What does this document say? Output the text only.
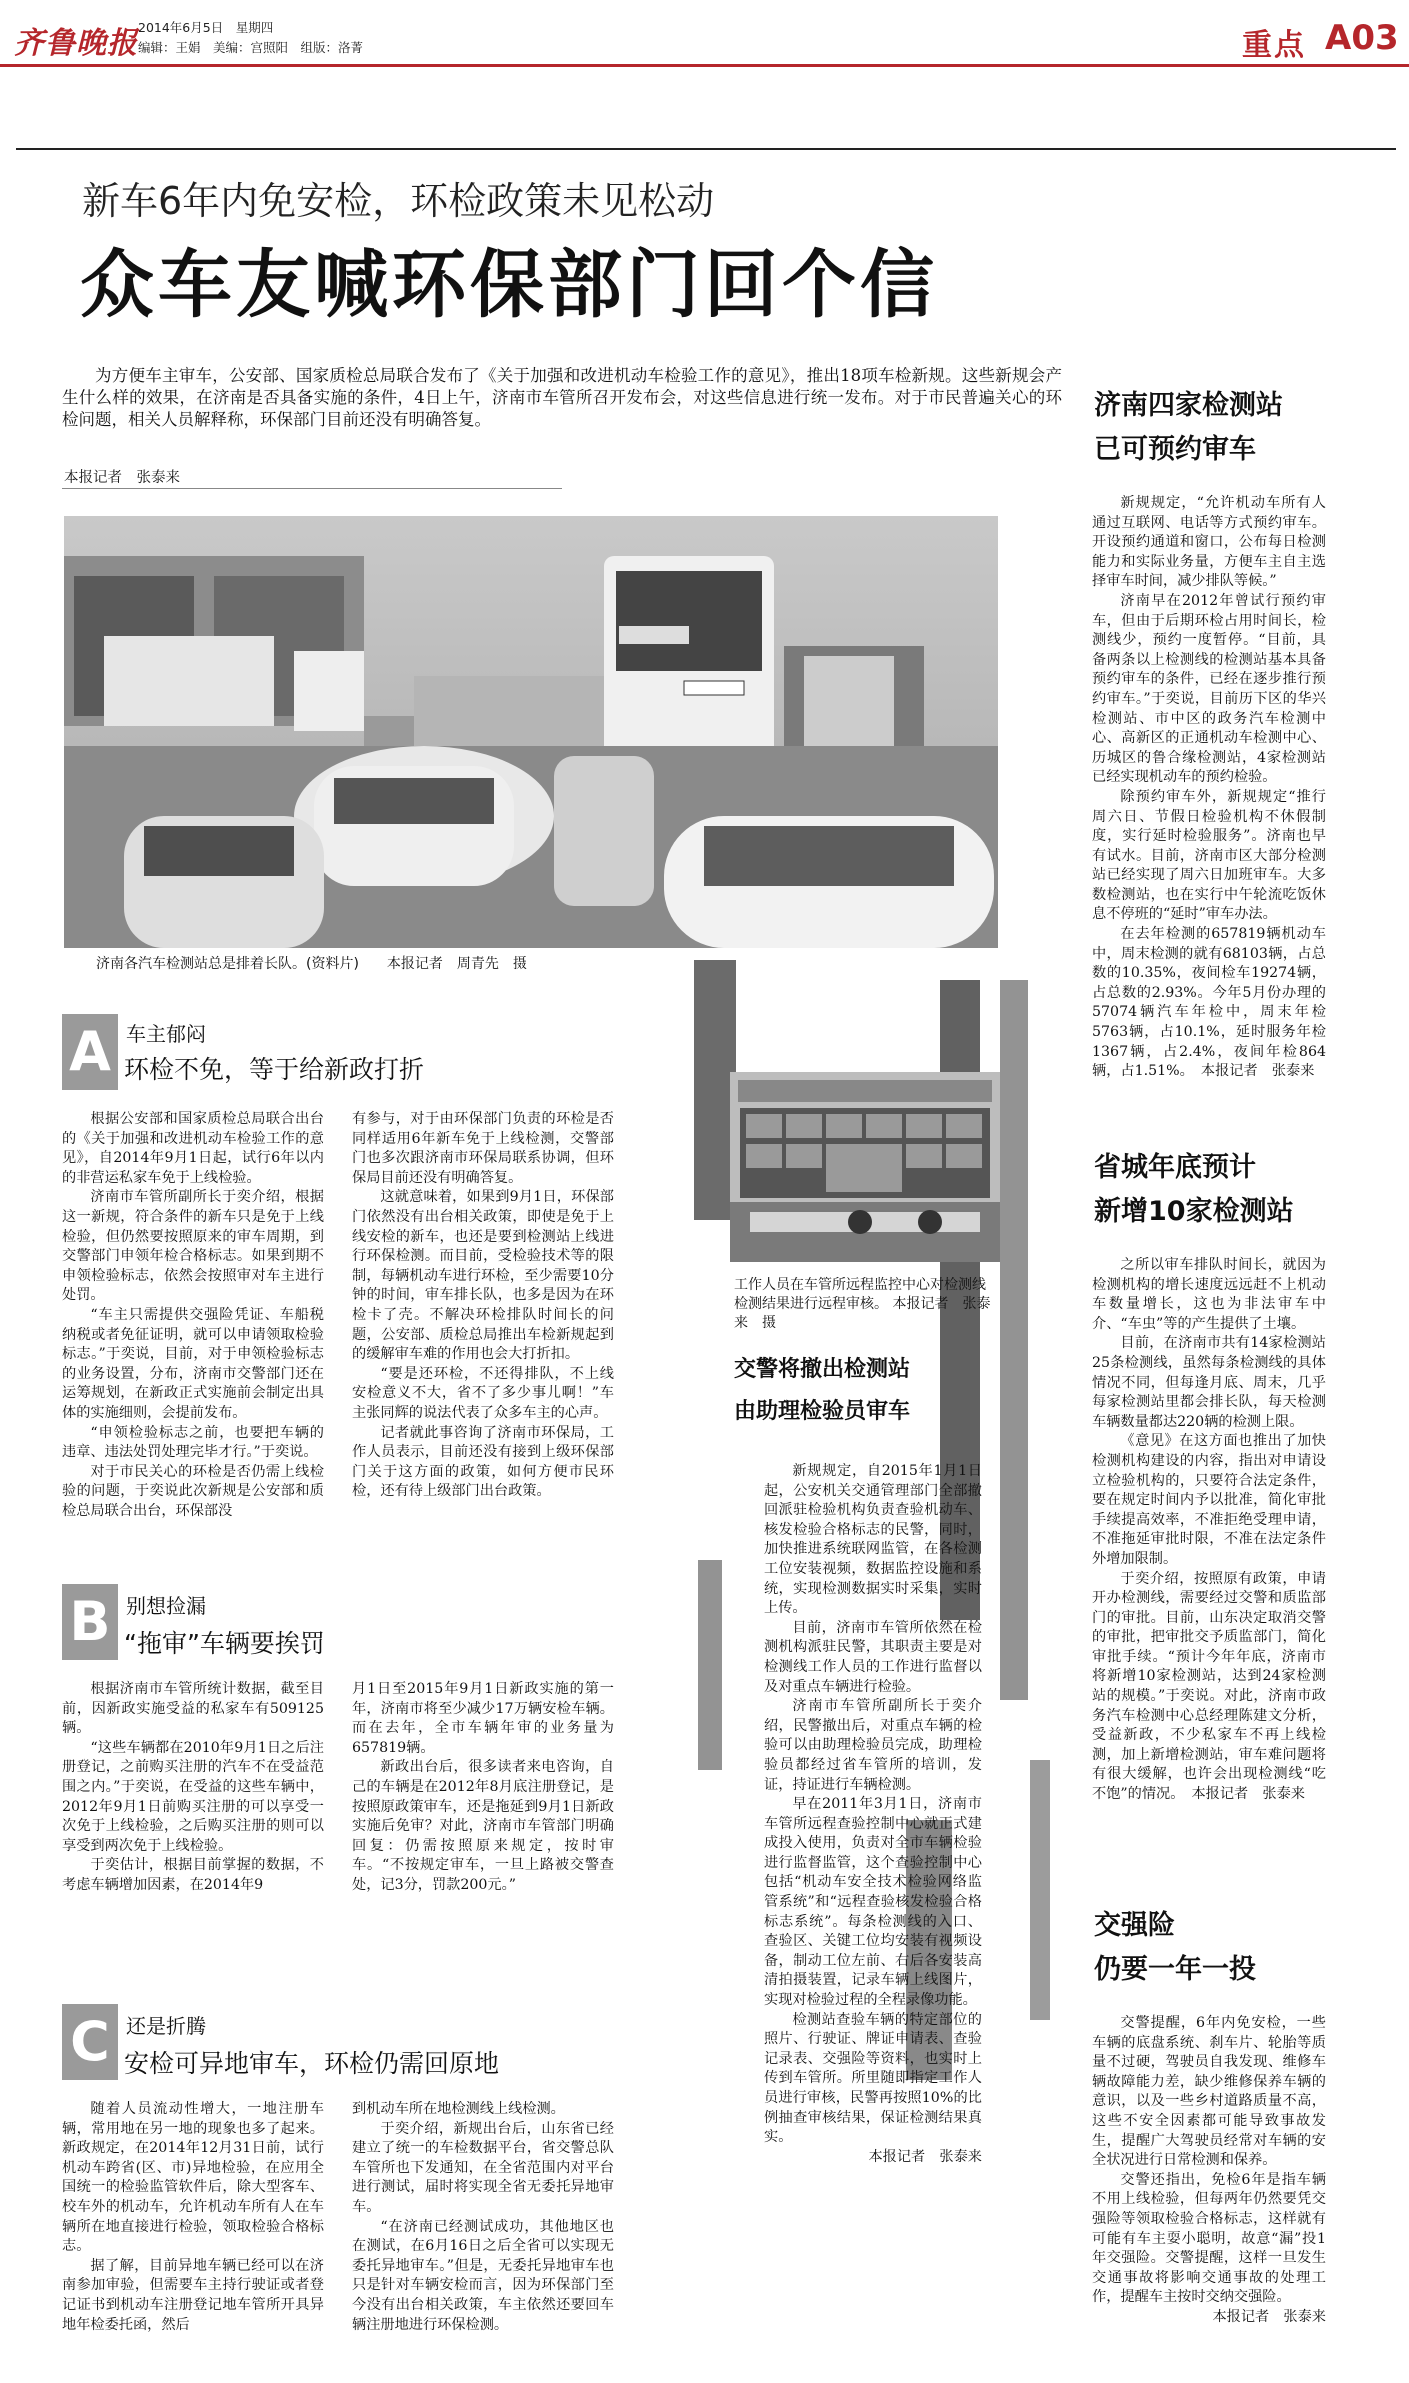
齐鲁晚报 2014年6月5日　星期四
编辑：王娟　美编：宫照阳　组版：洛菁	重点 A03
新车6年内免安检，环检政策未见松动
众车友喊环保部门回个信
为方便车主审车，公安部、国家质检总局联合发布了《关于加强和改进机动车检验工作的意见》，推出18项车检新规。这些新规会产生什么样的效果，在济南是否具备实施的条件，4日上午，济南市车管所召开发布会，对这些信息进行统一发布。对于市民普遍关心的环检问题，相关人员解释称，环保部门目前还没有明确答复。
本报记者　张泰来
济南各汽车检测站总是排着长队。(资料片)　　本报记者　周青先　摄
A 车主郁闷
环检不免，等于给新政打折

根据公安部和国家质检总局联合出台的《关于加强和改进机动车检验工作的意见》，自2014年9月1日起，试行6年以内的非营运私家车免于上线检验。

济南市车管所副所长于奕介绍，根据这一新规，符合条件的新车只是免于上线检验，但仍然要按照原来的审车周期，到交警部门申领年检合格标志。如果到期不申领检验标志，依然会按照审对车主进行处罚。

“车主只需提供交强险凭证、车船税纳税或者免征证明，就可以申请领取检验标志。”于奕说，目前，对于申领检验标志的业务设置，分布，济南市交警部门还在运筹规划，在新政正式实施前会制定出具体的实施细则，会提前发布。

“申领检验标志之前，也要把车辆的违章、违法处罚处理完毕才行。”于奕说。

对于市民关心的环检是否仍需上线检验的问题，于奕说此次新规是公安部和质检总局联合出台，环保部没

有参与，对于由环保部门负责的环检是否同样适用6年新车免于上线检测，交警部门也多次跟济南市环保局联系协调，但环保局目前还没有明确答复。

这就意味着，如果到9月1日，环保部门依然没有出台相关政策，即使是免于上线安检的新车，也还是要到检测站上线进行环保检测。而目前，受检验技术等的限制，每辆机动车进行环检，至少需要10分钟的时间，审车排长队，也多是因为在环检卡了壳。不解决环检排队时间长的问题，公安部、质检总局推出车检新规起到的缓解审车难的作用也会大打折扣。

“要是还环检，不还得排队，不上线安检意义不大，省不了多少事儿啊！”车主张同辉的说法代表了众多车主的心声。

记者就此事咨询了济南市环保局，工作人员表示，目前还没有接到上级环保部门关于这方面的政策，如何方便市民环检，还有待上级部门出台政策。

B 别想捡漏
“拖审”车辆要挨罚

根据济南市车管所统计数据，截至目前，因新政实施受益的私家车有509125辆。

“这些车辆都在2010年9月1日之后注册登记，之前购买注册的汽车不在受益范围之内。”于奕说，在受益的这些车辆中，2012年9月1日前购买注册的可以享受一次免于上线检验，之后购买注册的则可以享受到两次免于上线检验。

于奕估计，根据目前掌握的数据，不考虑车辆增加因素，在2014年9

月1日至2015年9月1日新政实施的第一年，济南市将至少减少17万辆安检车辆。而在去年，全市车辆年审的业务量为657819辆。

新政出台后，很多读者来电咨询，自己的车辆是在2012年8月底注册登记，是按照原政策审车，还是拖延到9月1日新政实施后免审？对此，济南市车管部门明确回复：仍需按照原来规定，按时审车。“不按规定审车，一旦上路被交警查处，记3分，罚款200元。”

C 还是折腾
安检可异地审车，环检仍需回原地

随着人员流动性增大，一地注册车辆，常用地在另一地的现象也多了起来。新政规定，在2014年12月31日前，试行机动车跨省(区、市)异地检验，在应用全国统一的检验监管软件后，除大型客车、校车外的机动车，允许机动车所有人在车辆所在地直接进行检验，领取检验合格标志。

据了解，目前异地车辆已经可以在济南参加审验，但需要车主持行驶证或者登记证书到机动车注册登记地车管所开具异地年检委托函，然后

到机动车所在地检测线上线检测。

于奕介绍，新规出台后，山东省已经建立了统一的车检数据平台，省交警总队车管所也下发通知，在全省范围内对平台进行测试，届时将实现全省无委托异地审车。

“在济南已经测试成功，其他地区也在测试，在6月16日之后全省可以实现无委托异地审车。”但是，无委托异地审车也只是针对车辆安检而言，因为环保部门至今没有出台相关政策，车主依然还要回车辆注册地进行环保检测。

工作人员在车管所远程监控中心对检测线检测结果进行远程审核。 本报记者　张泰来　摄
交警将撤出检测站
由助理检验员审车

新规规定，自2015年1月1日起，公安机关交通管理部门全部撤回派驻检验机构负责查验机动车、核发检验合格标志的民警，同时，加快推进系统联网监管，在各检测工位安装视频，数据监控设施和系统，实现检测数据实时采集，实时上传。

目前，济南市车管所依然在检测机构派驻民警，其职责主要是对检测线工作人员的工作进行监督以及对重点车辆进行检验。

济南市车管所副所长于奕介绍，民警撤出后，对重点车辆的检验可以由助理检验员完成，助理检验员都经过省车管所的培训，发证，持证进行车辆检测。

早在2011年3月1日，济南市车管所远程查验控制中心就正式建成投入使用，负责对全市车辆检验进行监督监管，这个查验控制中心包括“机动车安全技术检验网络监管系统”和“远程查验核发检验合格标志系统”。每条检测线的入口、查验区、关键工位均安装有视频设备，制动工位左前、右后各安装高清拍摄装置，记录车辆上线图片，实现对检验过程的全程录像功能。

检测站查验车辆的特定部位的照片、行驶证、牌证申请表、查验记录表、交强险等资料，也实时上传到车管所。所里随即指定工作人员进行审核，民警再按照10%的比例抽查审核结果，保证检测结果真实。

本报记者　张泰来

济南四家检测站
已可预约审车

新规规定，“允许机动车所有人通过互联网、电话等方式预约审车。开设预约通道和窗口，公布每日检测能力和实际业务量，方便车主自主选择审车时间，减少排队等候。”

济南早在2012年曾试行预约审车，但由于后期环检占用时间长，检测线少，预约一度暂停。“目前，具备两条以上检测线的检测站基本具备预约审车的条件，已经在逐步推行预约审车。”于奕说，目前历下区的华兴检测站、市中区的政务汽车检测中心、高新区的正通机动车检测中心、历城区的鲁合缘检测站，4家检测站已经实现机动车的预约检验。

除预约审车外，新规规定“推行周六日、节假日检验机构不休假制度，实行延时检验服务”。济南也早有试水。目前，济南市区大部分检测站已经实现了周六日加班审车。大多数检测站，也在实行中午轮流吃饭休息不停班的“延时”审车办法。

在去年检测的657819辆机动车中，周末检测的就有68103辆，占总数的10.35%，夜间检车19274辆，占总数的2.93%。今年5月份办理的57074辆汽车年检中，周末年检5763辆，占10.1%，延时服务年检1367辆，占2.4%，夜间年检864辆，占1.51%。　本报记者　张泰来

省城年底预计
新增10家检测站

之所以审车排队时间长，就因为检测机构的增长速度远远赶不上机动车数量增长，这也为非法审车中介、“车虫”等的产生提供了土壤。

目前，在济南市共有14家检测站25条检测线，虽然每条检测线的具体情况不同，但每逢月底、周末，几乎每家检测站里都会排长队，每天检测车辆数量都达220辆的检测上限。

《意见》在这方面也推出了加快检测机构建设的内容，指出对申请设立检验机构的，只要符合法定条件，要在规定时间内予以批准，简化审批手续提高效率，不准拒绝受理申请，不准拖延审批时限，不准在法定条件外增加限制。

于奕介绍，按照原有政策，申请开办检测线，需要经过交警和质监部门的审批。目前，山东决定取消交警的审批，把审批交予质监部门，简化审批手续。“预计今年年底，济南市将新增10家检测站，达到24家检测站的规模。”于奕说。对此，济南市政务汽车检测中心总经理陈建文分析，受益新政，不少私家车不再上线检测，加上新增检测站，审车难问题将有很大缓解，也许会出现检测线“吃不饱”的情况。　本报记者　张泰来

交强险
仍要一年一投

交警提醒，6年内免安检，一些车辆的底盘系统、刹车片、轮胎等质量不过硬，驾驶员自我发现、维修车辆故障能力差，缺少维修保养车辆的意识，以及一些乡村道路质量不高，这些不安全因素都可能导致事故发生，提醒广大驾驶员经常对车辆的安全状况进行日常检测和保养。

交警还指出，免检6年是指车辆不用上线检验，但每两年仍然要凭交强险等领取检验合格标志，这样就有可能有车主耍小聪明，故意“漏”投1年交强险。交警提醒，这样一旦发生交通事故将影响交通事故的处理工作，提醒车主按时交纳交强险。

本报记者　张泰来
